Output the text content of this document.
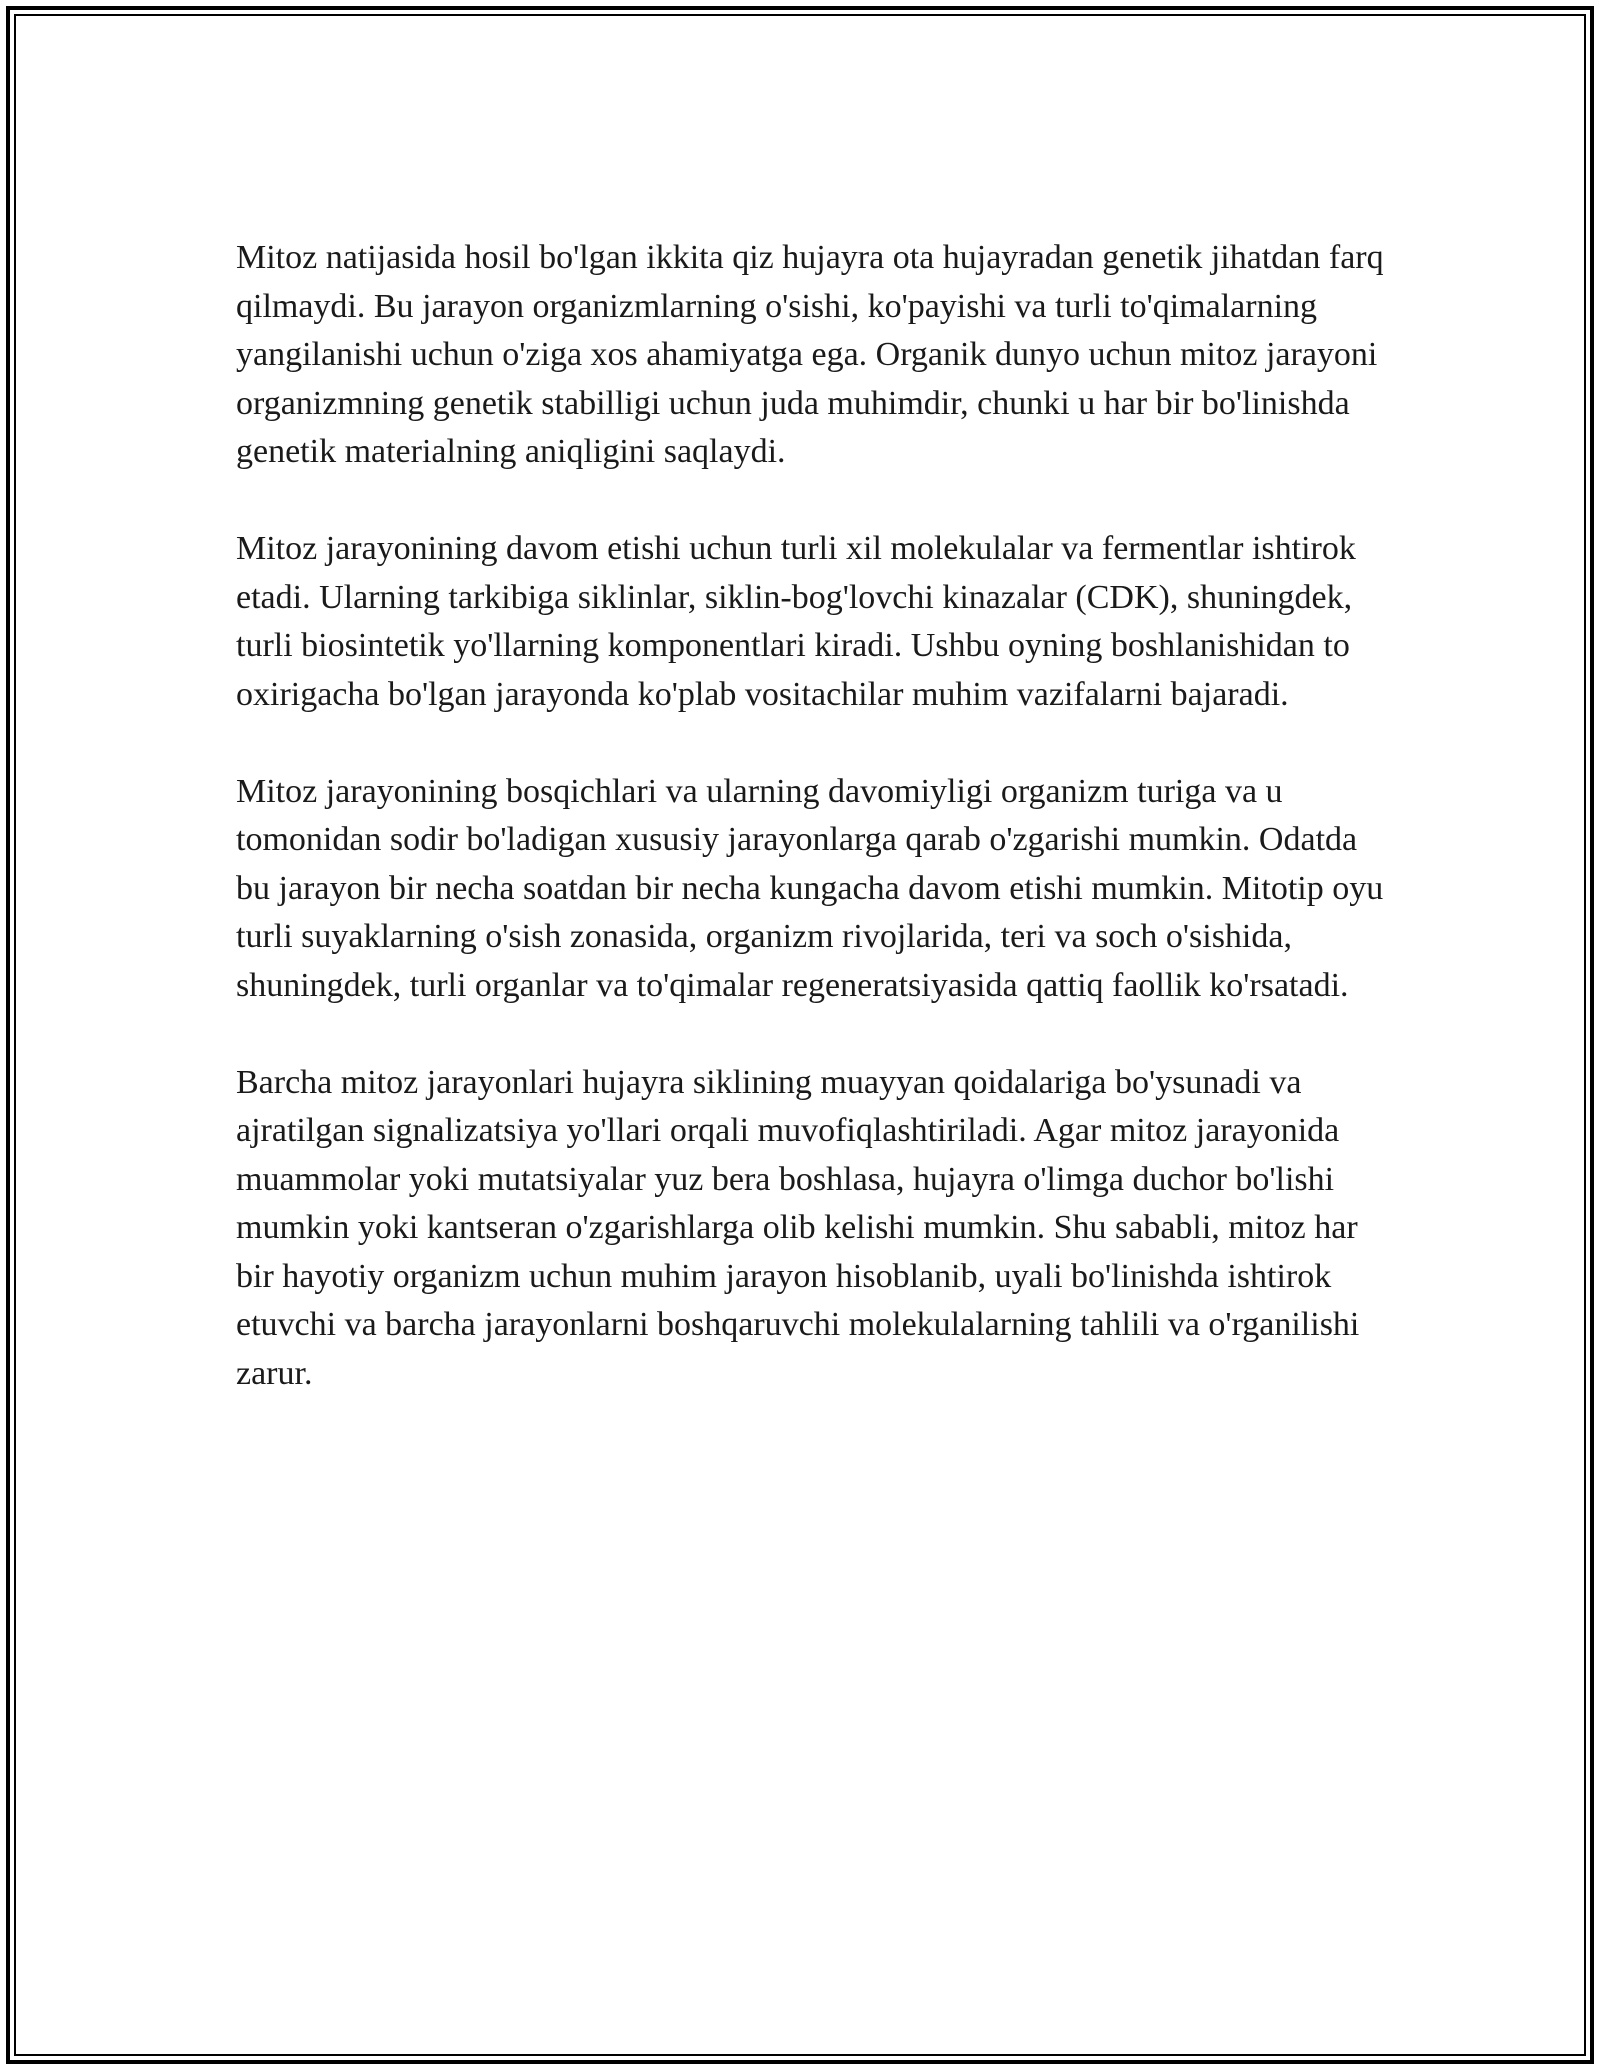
Mitoz natijasida hosil bo'lgan ikkita qiz hujayra ota hujayradan genetik jihatdan farq qilmaydi. Bu jarayon organizmlarning o'sishi, ko'payishi va turli to'qimalarning yangilanishi uchun o'ziga xos ahamiyatga ega. Organik dunyo uchun mitoz jarayoni organizmning genetik stabilligi uchun juda muhimdir, chunki u har bir bo'linishda genetik materialning aniqligini saqlaydi.

Mitoz jarayonining davom etishi uchun turli xil molekulalar va fermentlar ishtirok etadi. Ularning tarkibiga siklinlar, siklin-bog'lovchi kinazalar (CDK), shuningdek, turli biosintetik yo'llarning komponentlari kiradi. Ushbu oyning boshlanishidan to oxirigacha bo'lgan jarayonda ko'plab vositachilar muhim vazifalarni bajaradi.

Mitoz jarayonining bosqichlari va ularning davomiyligi organizm turiga va u tomonidan sodir bo'ladigan xususiy jarayonlarga qarab o'zgarishi mumkin. Odatda bu jarayon bir necha soatdan bir necha kungacha davom etishi mumkin. Mitotip oyu turli suyaklarning o'sish zonasida, organizm rivojlarida, teri va soch o'sishida, shuningdek, turli organlar va to'qimalar regeneratsiyasida qattiq faollik ko'rsatadi.

Barcha mitoz jarayonlari hujayra siklining muayyan qoidalariga bo'ysunadi va ajratilgan signalizatsiya yo'llari orqali muvofiqlashtiriladi. Agar mitoz jarayonida muammolar yoki mutatsiyalar yuz bera boshlasa, hujayra o'limga duchor bo'lishi mumkin yoki kantseran o'zgarishlarga olib kelishi mumkin. Shu sababli, mitoz har bir hayotiy organizm uchun muhim jarayon hisoblanib, uyali bo'linishda ishtirok etuvchi va barcha jarayonlarni boshqaruvchi molekulalarning tahlili va o'rganilishi zarur.
